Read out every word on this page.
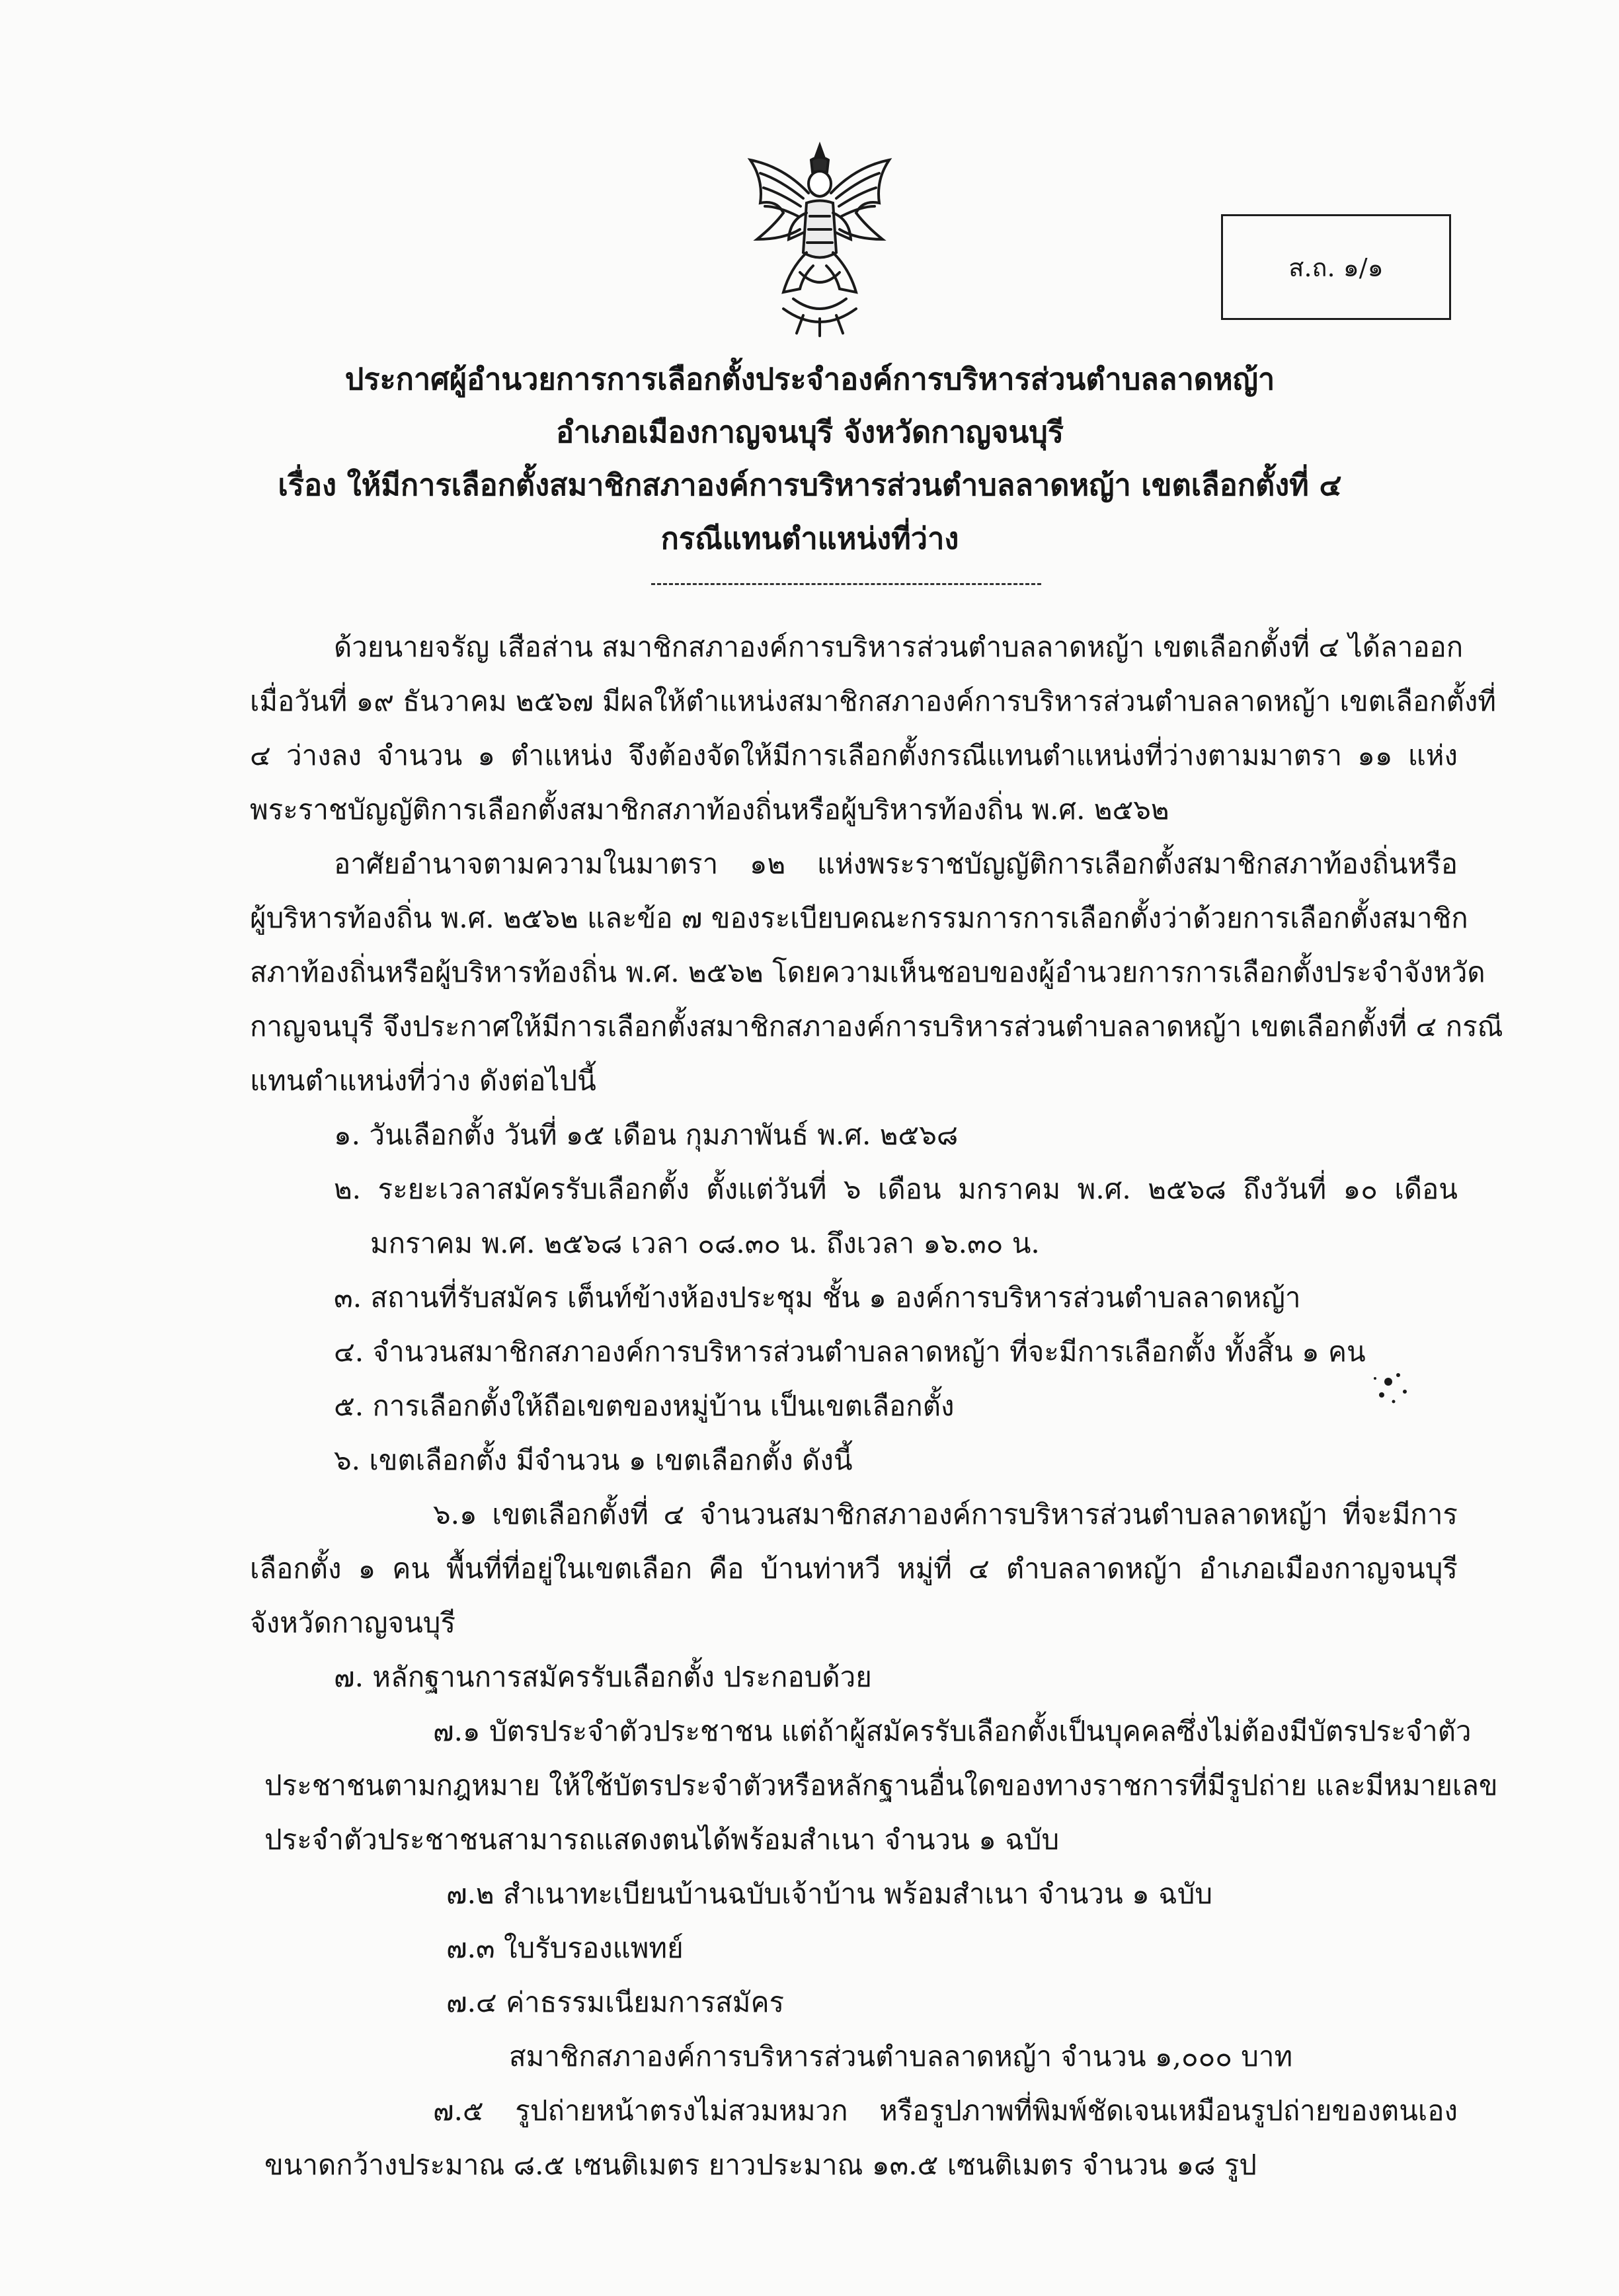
ส.ถ. ๑/๑
ประกาศผู้อำนวยการการเลือกตั้งประจำองค์การบริหารส่วนตำบลลาดหญ้า
อำเภอเมืองกาญจนบุรี จังหวัดกาญจนบุรี
เรื่อง ให้มีการเลือกตั้งสมาชิกสภาองค์การบริหารส่วนตำบลลาดหญ้า เขตเลือกตั้งที่ ๔
กรณีแทนตำแหน่งที่ว่าง
ด้วยนายจรัญ เสือส่าน สมาชิกสภาองค์การบริหารส่วนตำบลลาดหญ้า เขตเลือกตั้งที่ ๔ ได้ลาออก
เมื่อวันที่ ๑๙ ธันวาคม ๒๕๖๗ มีผลให้ตำแหน่งสมาชิกสภาองค์การบริหารส่วนตำบลลาดหญ้า เขตเลือกตั้งที่
๔ ว่างลง จำนวน ๑ ตำแหน่ง จึงต้องจัดให้มีการเลือกตั้งกรณีแทนตำแหน่งที่ว่างตามมาตรา ๑๑ แห่ง
พระราชบัญญัติการเลือกตั้งสมาชิกสภาท้องถิ่นหรือผู้บริหารท้องถิ่น พ.ศ. ๒๕๖๒
อาศัยอำนาจตามความในมาตรา ๑๒ แห่งพระราชบัญญัติการเลือกตั้งสมาชิกสภาท้องถิ่นหรือ
ผู้บริหารท้องถิ่น พ.ศ. ๒๕๖๒ และข้อ ๗ ของระเบียบคณะกรรมการการเลือกตั้งว่าด้วยการเลือกตั้งสมาชิก
สภาท้องถิ่นหรือผู้บริหารท้องถิ่น พ.ศ. ๒๕๖๒ โดยความเห็นชอบของผู้อำนวยการการเลือกตั้งประจำจังหวัด
กาญจนบุรี จึงประกาศให้มีการเลือกตั้งสมาชิกสภาองค์การบริหารส่วนตำบลลาดหญ้า เขตเลือกตั้งที่ ๔ กรณี
แทนตำแหน่งที่ว่าง ดังต่อไปนี้
๑. วันเลือกตั้ง วันที่ ๑๕ เดือน กุมภาพันธ์ พ.ศ. ๒๕๖๘
๒. ระยะเวลาสมัครรับเลือกตั้ง ตั้งแต่วันที่ ๖ เดือน มกราคม พ.ศ. ๒๕๖๘ ถึงวันที่ ๑๐ เดือน
มกราคม พ.ศ. ๒๕๖๘ เวลา ๐๘.๓๐ น. ถึงเวลา ๑๖.๓๐ น.
๓. สถานที่รับสมัคร เต็นท์ข้างห้องประชุม ชั้น ๑ องค์การบริหารส่วนตำบลลาดหญ้า
๔. จำนวนสมาชิกสภาองค์การบริหารส่วนตำบลลาดหญ้า ที่จะมีการเลือกตั้ง ทั้งสิ้น ๑ คน
๕. การเลือกตั้งให้ถือเขตของหมู่บ้าน เป็นเขตเลือกตั้ง
๖. เขตเลือกตั้ง มีจำนวน ๑ เขตเลือกตั้ง ดังนี้
๖.๑ เขตเลือกตั้งที่ ๔ จำนวนสมาชิกสภาองค์การบริหารส่วนตำบลลาดหญ้า ที่จะมีการ
เลือกตั้ง ๑ คน พื้นที่ที่อยู่ในเขตเลือก คือ บ้านท่าหวี หมู่ที่ ๔ ตำบลลาดหญ้า อำเภอเมืองกาญจนบุรี
จังหวัดกาญจนบุรี
๗. หลักฐานการสมัครรับเลือกตั้ง ประกอบด้วย
๗.๑ บัตรประจำตัวประชาชน แต่ถ้าผู้สมัครรับเลือกตั้งเป็นบุคคลซึ่งไม่ต้องมีบัตรประจำตัว
ประชาชนตามกฎหมาย ให้ใช้บัตรประจำตัวหรือหลักฐานอื่นใดของทางราชการที่มีรูปถ่าย และมีหมายเลข
ประจำตัวประชาชนสามารถแสดงตนได้พร้อมสำเนา จำนวน ๑ ฉบับ
๗.๒ สำเนาทะเบียนบ้านฉบับเจ้าบ้าน พร้อมสำเนา จำนวน ๑ ฉบับ
๗.๓ ใบรับรองแพทย์
๗.๔ ค่าธรรมเนียมการสมัคร
สมาชิกสภาองค์การบริหารส่วนตำบลลาดหญ้า จำนวน ๑,๐๐๐ บาท
๗.๕ รูปถ่ายหน้าตรงไม่สวมหมวก หรือรูปภาพที่พิมพ์ชัดเจนเหมือนรูปถ่ายของตนเอง
ขนาดกว้างประมาณ ๘.๕ เซนติเมตร ยาวประมาณ ๑๓.๕ เซนติเมตร จำนวน ๑๘ รูป
